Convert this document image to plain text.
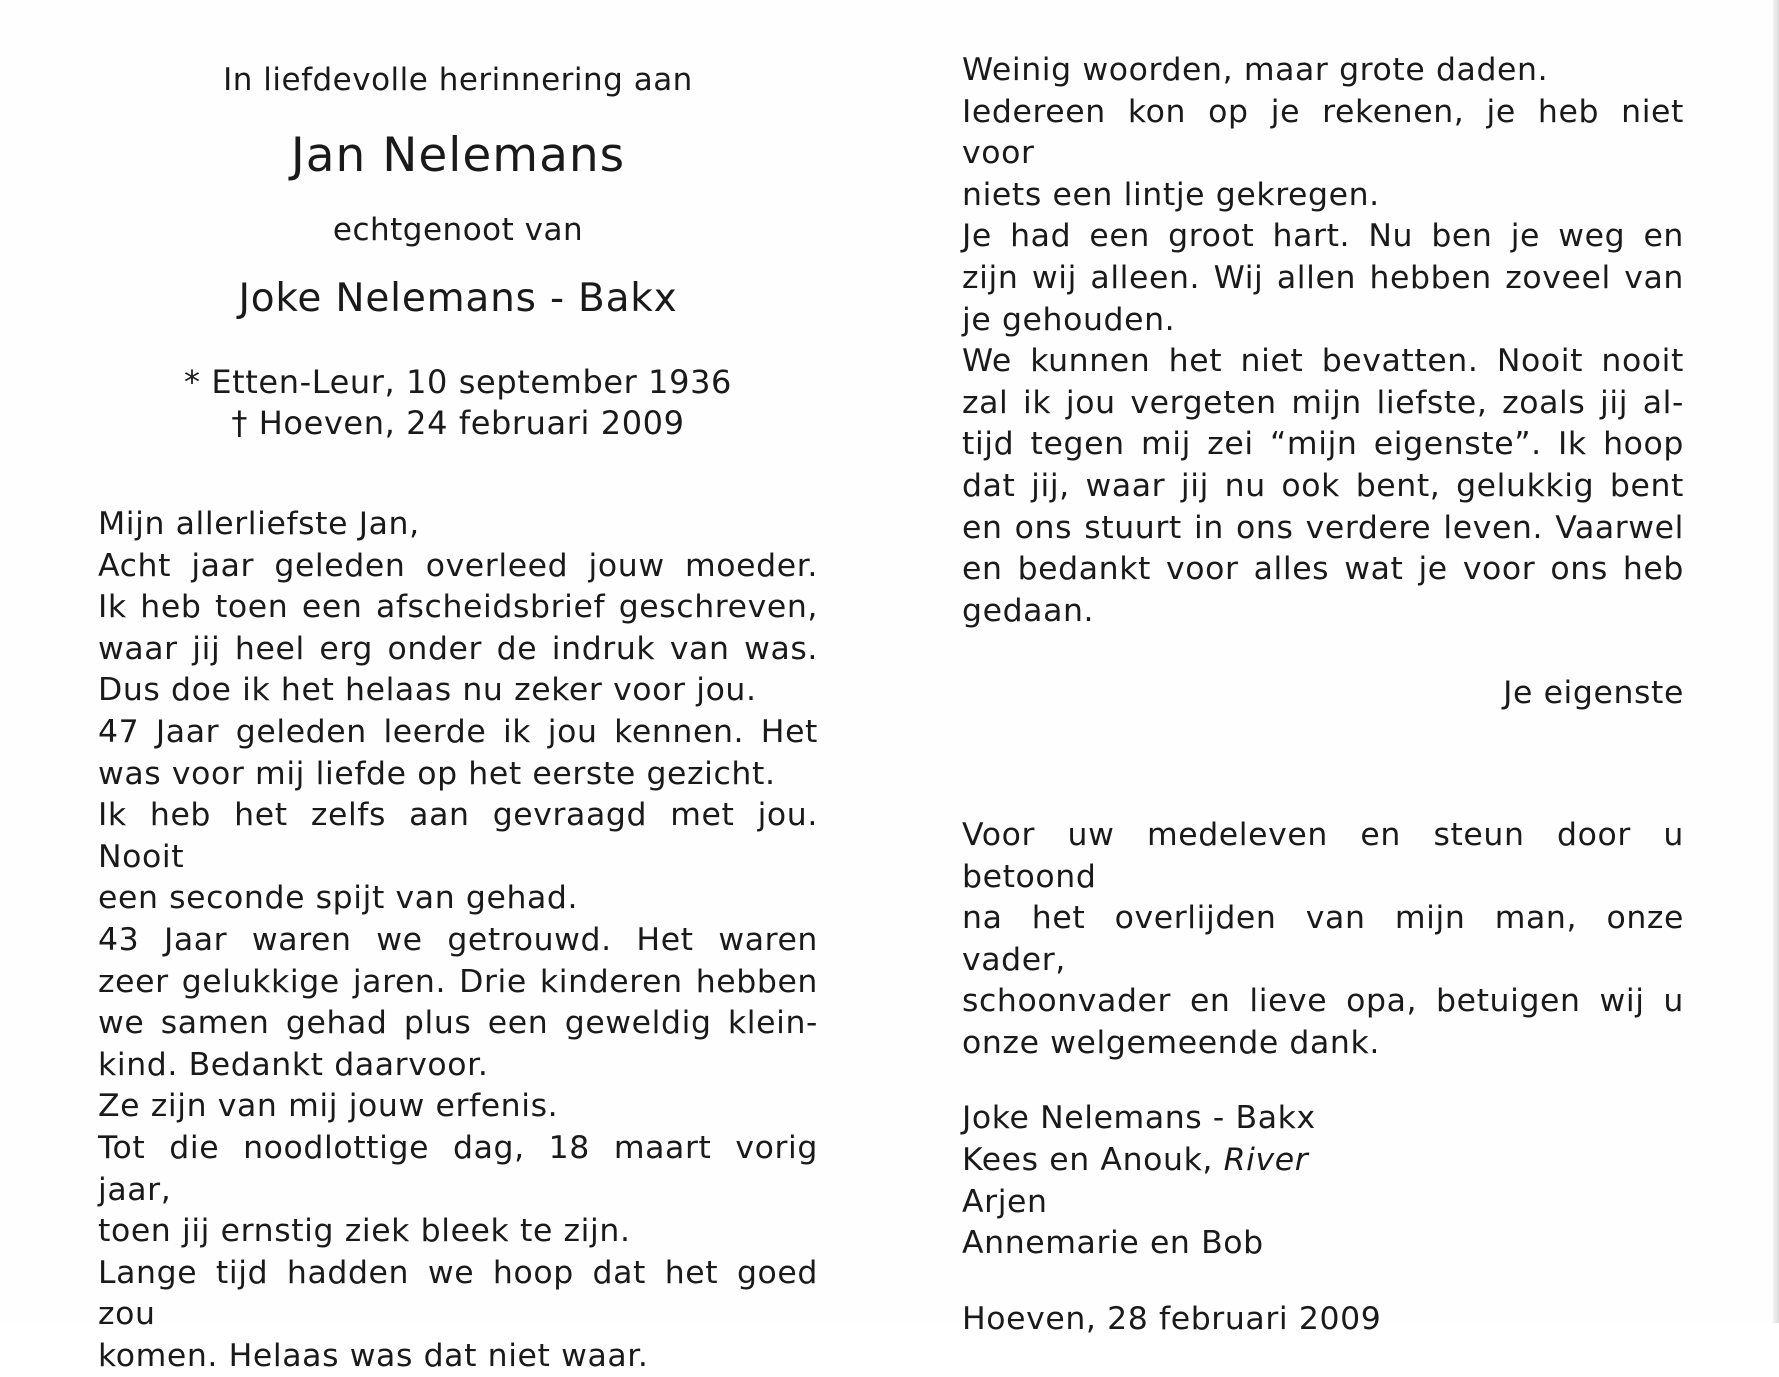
In liefdevolle herinnering aan

Jan Nelemans

echtgenoot van

Joke Nelemans - Bakx

* Etten-Leur, 10 september 1936

† Hoeven, 24 februari 2009

Mijn allerliefste Jan,

Acht jaar geleden overleed jouw moeder.

Ik heb toen een afscheidsbrief geschreven,

waar jij heel erg onder de indruk van was.

Dus doe ik het helaas nu zeker voor jou.

47 Jaar geleden leerde ik jou kennen. Het

was voor mij liefde op het eerste gezicht.

Ik heb het zelfs aan gevraagd met jou. Nooit

een seconde spijt van gehad.

43 Jaar waren we getrouwd. Het waren

zeer gelukkige jaren. Drie kinderen hebben

we samen gehad plus een geweldig klein-

kind. Bedankt daarvoor.

Ze zijn van mij jouw erfenis.

Tot die noodlottige dag, 18 maart vorig jaar,

toen jij ernstig ziek bleek te zijn.

Lange tijd hadden we hoop dat het goed zou

komen. Helaas was dat niet waar.

Weinig woorden, maar grote daden.

Iedereen kon op je rekenen, je heb niet voor

niets een lintje gekregen.

Je had een groot hart. Nu ben je weg en

zijn wij alleen. Wij allen hebben zoveel van

je gehouden.

We kunnen het niet bevatten. Nooit nooit

zal ik jou vergeten mijn liefste, zoals jij al-

tijd tegen mij zei “mijn eigenste”. Ik hoop

dat jij, waar jij nu ook bent, gelukkig bent

en ons stuurt in ons verdere leven. Vaarwel

en bedankt voor alles wat je voor ons heb

gedaan.

Je eigenste

Voor uw medeleven en steun door u betoond

na het overlijden van mijn man, onze vader,

schoonvader en lieve opa, betuigen wij u

onze welgemeende dank.

Joke Nelemans - Bakx

Kees en Anouk, River

Arjen

Annemarie en Bob

Hoeven, 28 februari 2009
